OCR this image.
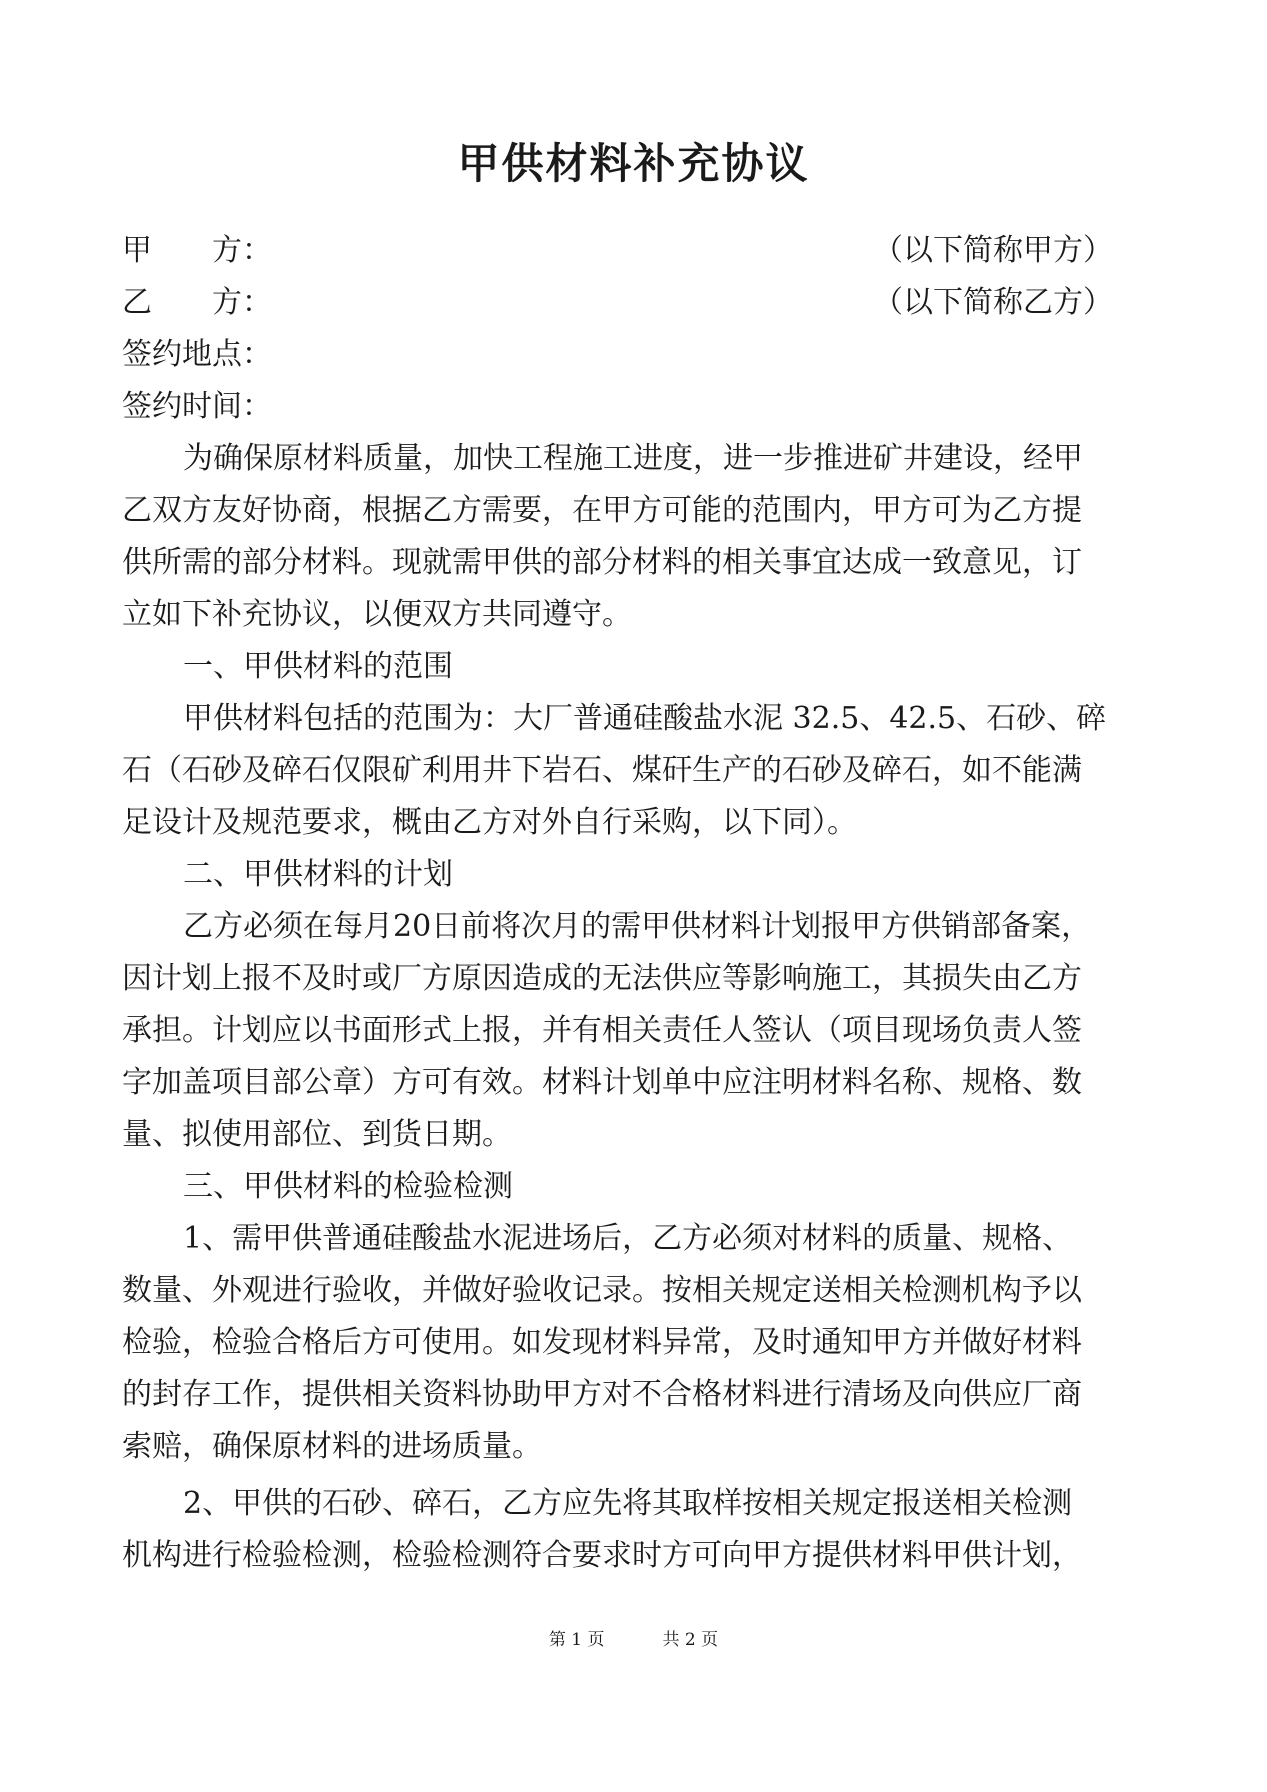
甲供材料补充协议
甲　　方：	（以下简称甲方）
乙　　方：	（以下简称乙方）
签约地点：
签约时间：
为确保原材料质量，加快工程施工进度，进一步推进矿井建设，经甲
乙双方友好协商，根据乙方需要，在甲方可能的范围内，甲方可为乙方提
供所需的部分材料。现就需甲供的部分材料的相关事宜达成一致意见，订
立如下补充协议，以便双方共同遵守。
一、甲供材料的范围
甲供材料包括的范围为：大厂普通硅酸盐水泥 32.5、42.5、石砂、碎
石（石砂及碎石仅限矿利用井下岩石、煤矸生产的石砂及碎石，如不能满
足设计及规范要求，概由乙方对外自行采购，以下同）。
二、甲供材料的计划
乙方必须在每月20日前将次月的需甲供材料计划报甲方供销部备案，
因计划上报不及时或厂方原因造成的无法供应等影响施工，其损失由乙方
承担。计划应以书面形式上报，并有相关责任人签认（项目现场负责人签
字加盖项目部公章）方可有效。材料计划单中应注明材料名称、规格、数
量、拟使用部位、到货日期。
三、甲供材料的检验检测
1、需甲供普通硅酸盐水泥进场后，乙方必须对材料的质量、规格、
数量、外观进行验收，并做好验收记录。按相关规定送相关检测机构予以
检验，检验合格后方可使用。如发现材料异常，及时通知甲方并做好材料
的封存工作，提供相关资料协助甲方对不合格材料进行清场及向供应厂商
索赔，确保原材料的进场质量。
2、甲供的石砂、碎石，乙方应先将其取样按相关规定报送相关检测
机构进行检验检测，检验检测符合要求时方可向甲方提供材料甲供计划，
第 1 页	共 2 页
